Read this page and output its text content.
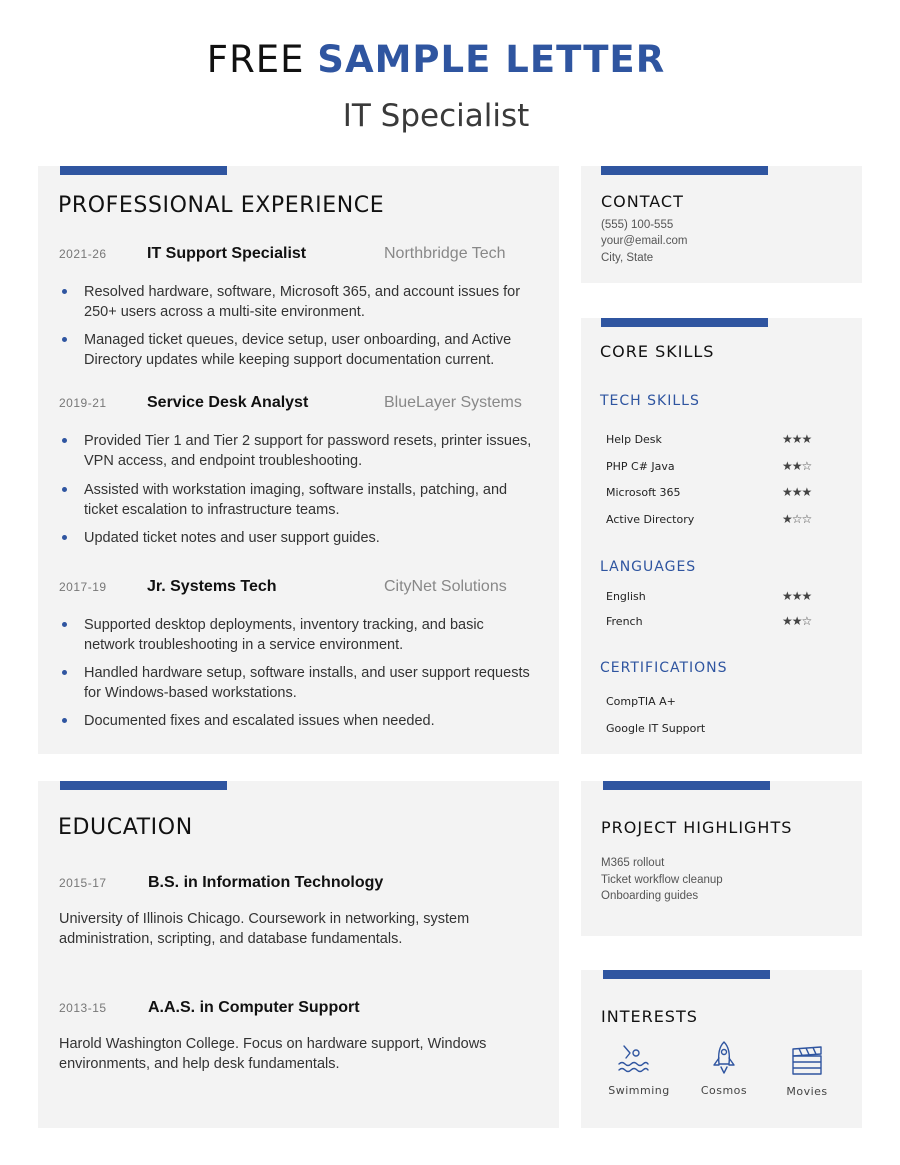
FREE SAMPLE LETTER
IT Specialist
PROFESSIONAL EXPERIENCE
2021-26	IT Support Specialist	Northbridge Tech
Resolved hardware, software, Microsoft 365, and account issues for 250+ users across a multi-site environment.
Managed ticket queues, device setup, user onboarding, and Active Directory updates while keeping support documentation current.
2019-21	Service Desk Analyst	BlueLayer Systems
Provided Tier 1 and Tier 2 support for password resets, printer issues, VPN access, and endpoint troubleshooting.
Assisted with workstation imaging, software installs, patching, and ticket escalation to infrastructure teams.
Updated ticket notes and user support guides.
2017-19	Jr. Systems Tech	CityNet Solutions
Supported desktop deployments, inventory tracking, and basic network troubleshooting in a service environment.
Handled hardware setup, software installs, and user support requests for Windows-based workstations.
Documented fixes and escalated issues when needed.
EDUCATION
2015-17	B.S. in Information Technology
University of Illinois Chicago. Coursework in networking, system administration, scripting, and database fundamentals.
2013-15	A.A.S. in Computer Support
Harold Washington College. Focus on hardware support, Windows environments, and help desk fundamentals.
CONTACT
(555) 100-555
your@email.com
City, State
CORE SKILLS
TECH SKILLS
Help Desk	★★★
PHP C# Java	★★☆
Microsoft 365	★★★
Active Directory	★☆☆
LANGUAGES
English	★★★
French	★★☆
CERTIFICATIONS
CompTIA A+
Google IT Support
PROJECT HIGHLIGHTS
M365 rollout
Ticket workflow cleanup
Onboarding guides
INTERESTS
Swimming	Cosmos	Movies
